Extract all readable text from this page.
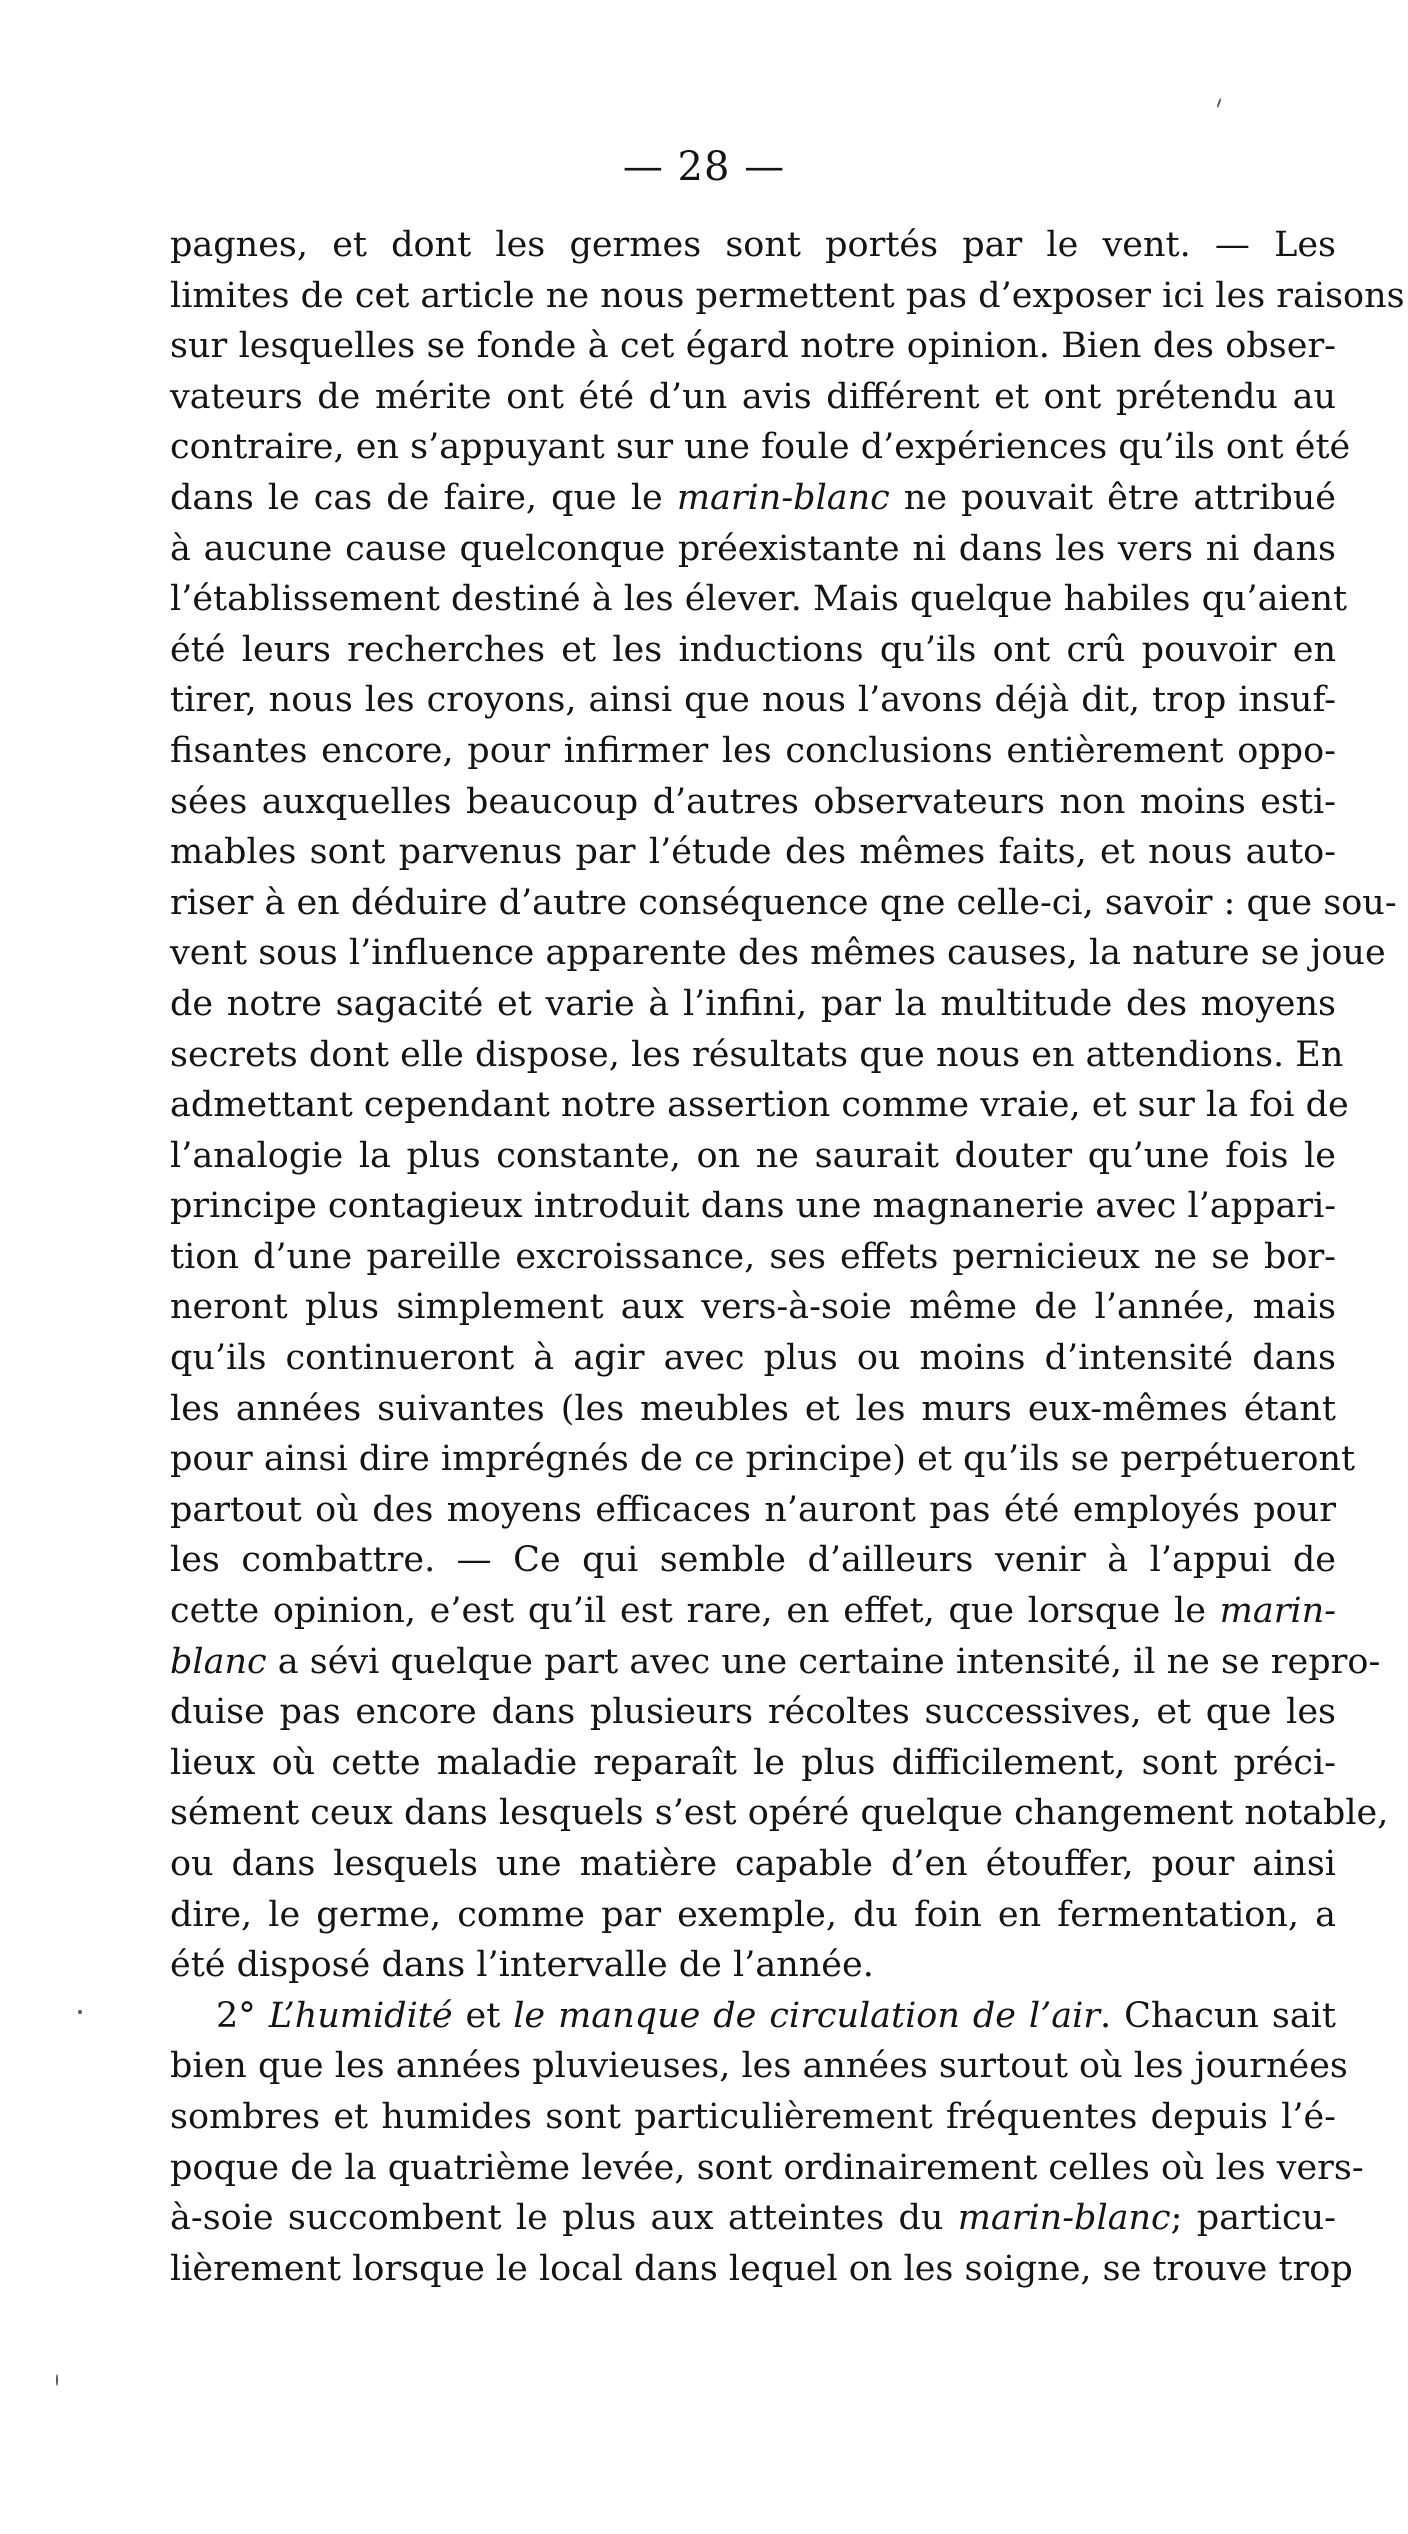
— 28 —
pagnes, et dont les germes sont portés par le vent. — Les
limites de cet article ne nous permettent pas d’exposer ici les raisons
sur lesquelles se fonde à cet égard notre opinion. Bien des obser-
vateurs de mérite ont été d’un avis différent et ont prétendu au
contraire, en s’appuyant sur une foule d’expériences qu’ils ont été
dans le cas de faire, que le marin-blanc ne pouvait être attribué
à aucune cause quelconque préexistante ni dans les vers ni dans
l’établissement destiné à les élever. Mais quelque habiles qu’aient
été leurs recherches et les inductions qu’ils ont crû pouvoir en
tirer, nous les croyons, ainsi que nous l’avons déjà dit, trop insuf-
fisantes encore, pour infirmer les conclusions entièrement oppo-
sées auxquelles beaucoup d’autres observateurs non moins esti-
mables sont parvenus par l’étude des mêmes faits, et nous auto-
riser à en déduire d’autre conséquence qne celle-ci, savoir : que sou-
vent sous l’influence apparente des mêmes causes, la nature se joue
de notre sagacité et varie à l’infini, par la multitude des moyens
secrets dont elle dispose, les résultats que nous en attendions. En
admettant cependant notre assertion comme vraie, et sur la foi de
l’analogie la plus constante, on ne saurait douter qu’une fois le
principe contagieux introduit dans une magnanerie avec l’appari-
tion d’une pareille excroissance, ses effets pernicieux ne se bor-
neront plus simplement aux vers-à-soie même de l’année, mais
qu’ils continueront à agir avec plus ou moins d’intensité dans
les années suivantes (les meubles et les murs eux-mêmes étant
pour ainsi dire imprégnés de ce principe) et qu’ils se perpétueront
partout où des moyens efficaces n’auront pas été employés pour
les combattre. — Ce qui semble d’ailleurs venir à l’appui de
cette opinion, e’est qu’il est rare, en effet, que lorsque le marin-
blanc a sévi quelque part avec une certaine intensité, il ne se repro-
duise pas encore dans plusieurs récoltes successives, et que les
lieux où cette maladie reparaît le plus difficilement, sont préci-
sément ceux dans lesquels s’est opéré quelque changement notable,
ou dans lesquels une matière capable d’en étouffer, pour ainsi
dire, le germe, comme par exemple, du foin en fermentation, a
été disposé dans l’intervalle de l’année.
2° L’humidité et le manque de circulation de l’air. Chacun sait
bien que les années pluvieuses, les années surtout où les journées
sombres et humides sont particulièrement fréquentes depuis l’é-
poque de la quatrième levée, sont ordinairement celles où les vers-
à-soie succombent le plus aux atteintes du marin-blanc; particu-
lièrement lorsque le local dans lequel on les soigne, se trouve trop
